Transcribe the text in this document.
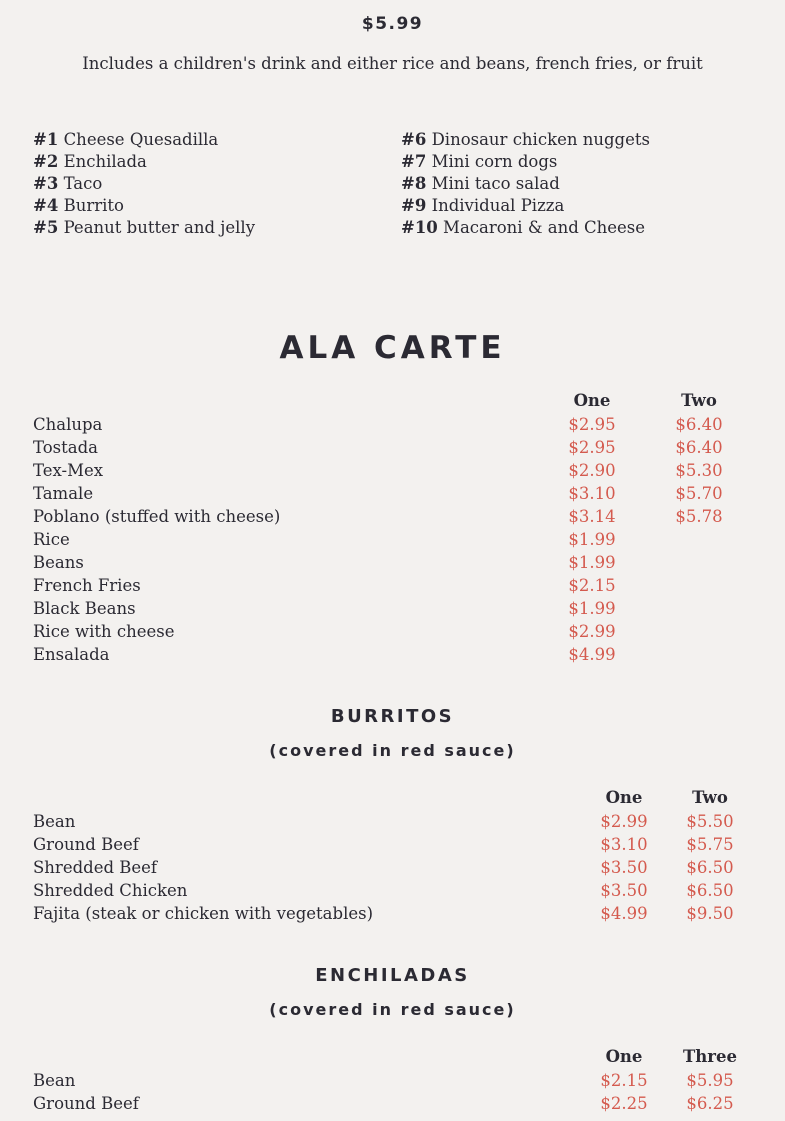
$5.99
Includes a children's drink and either rice and beans, french fries, or fruit
#1 Cheese Quesadilla
#2 Enchilada
#3 Taco
#4 Burrito
#5 Peanut butter and jelly
#6 Dinosaur chicken nuggets
#7 Mini corn dogs
#8 Mini taco salad
#9 Individual Pizza
#10 Macaroni & and Cheese
ALA CARTE
One	Two
Chalupa	$2.95	$6.40
Tostada	$2.95	$6.40
Tex-Mex	$2.90	$5.30
Tamale	$3.10	$5.70
Poblano (stuffed with cheese)	$3.14	$5.78
Rice	$1.99
Beans	$1.99
French Fries	$2.15
Black Beans	$1.99
Rice with cheese	$2.99
Ensalada	$4.99
BURRITOS
(covered in red sauce)
One	Two
Bean	$2.99	$5.50
Ground Beef	$3.10	$5.75
Shredded Beef	$3.50	$6.50
Shredded Chicken	$3.50	$6.50
Fajita (steak or chicken with vegetables)	$4.99	$9.50
ENCHILADAS
(covered in red sauce)
One	Three
Bean	$2.15	$5.95
Ground Beef	$2.25	$6.25
